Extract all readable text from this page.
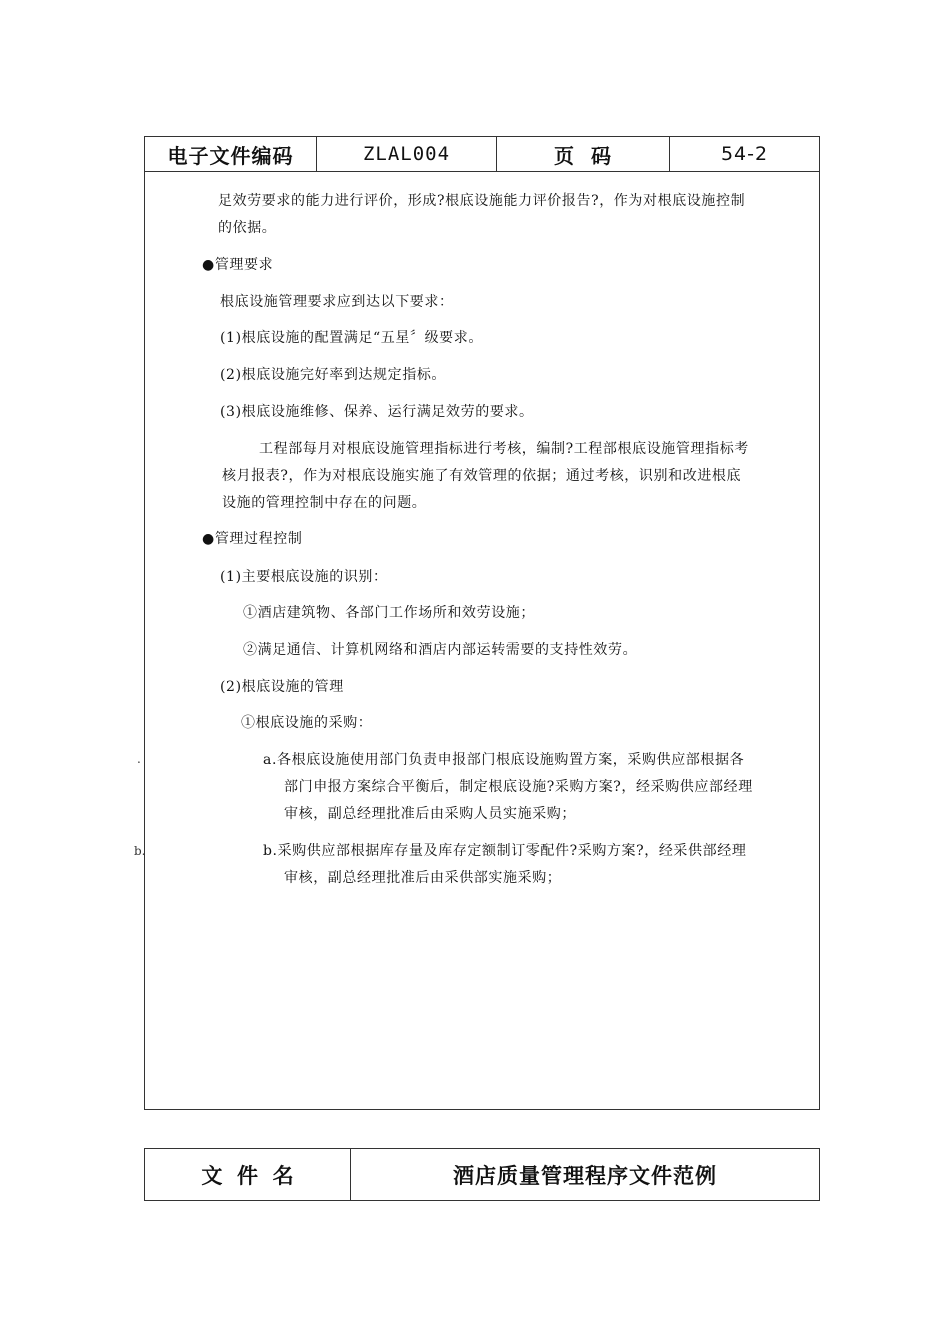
电子文件编码	ZLAL004	页  码	54-2
足效劳要求的能力进行评价，形成?根底设施能力评价报告?，作为对根底设施控制
的依据。
●管理要求
根底设施管理要求应到达以下要求：
(1)根底设施的配置满足“五星〞级要求。
(2)根底设施完好率到达规定指标。
(3)根底设施维修、保养、运行满足效劳的要求。
工程部每月对根底设施管理指标进行考核，编制?工程部根底设施管理指标考
核月报表?，作为对根底设施实施了有效管理的依据；通过考核，识别和改进根底
设施的管理控制中存在的问题。
●管理过程控制
(1)主要根底设施的识别：
①酒店建筑物、各部门工作场所和效劳设施；
②满足通信、计算机网络和酒店内部运转需要的支持性效劳。
(2)根底设施的管理
①根底设施的采购：
a.各根底设施使用部门负责申报部门根底设施购置方案，采购供应部根据各
部门申报方案综合平衡后，制定根底设施?采购方案?，经采购供应部经理
审核，副总经理批准后由采购人员实施采购；
b.采购供应部根据库存量及库存定额制订零配件?采购方案?，经采供部经理
审核，副总经理批准后由采供部实施采购；
.
b.
文  件  名	酒店质量管理程序文件范例
